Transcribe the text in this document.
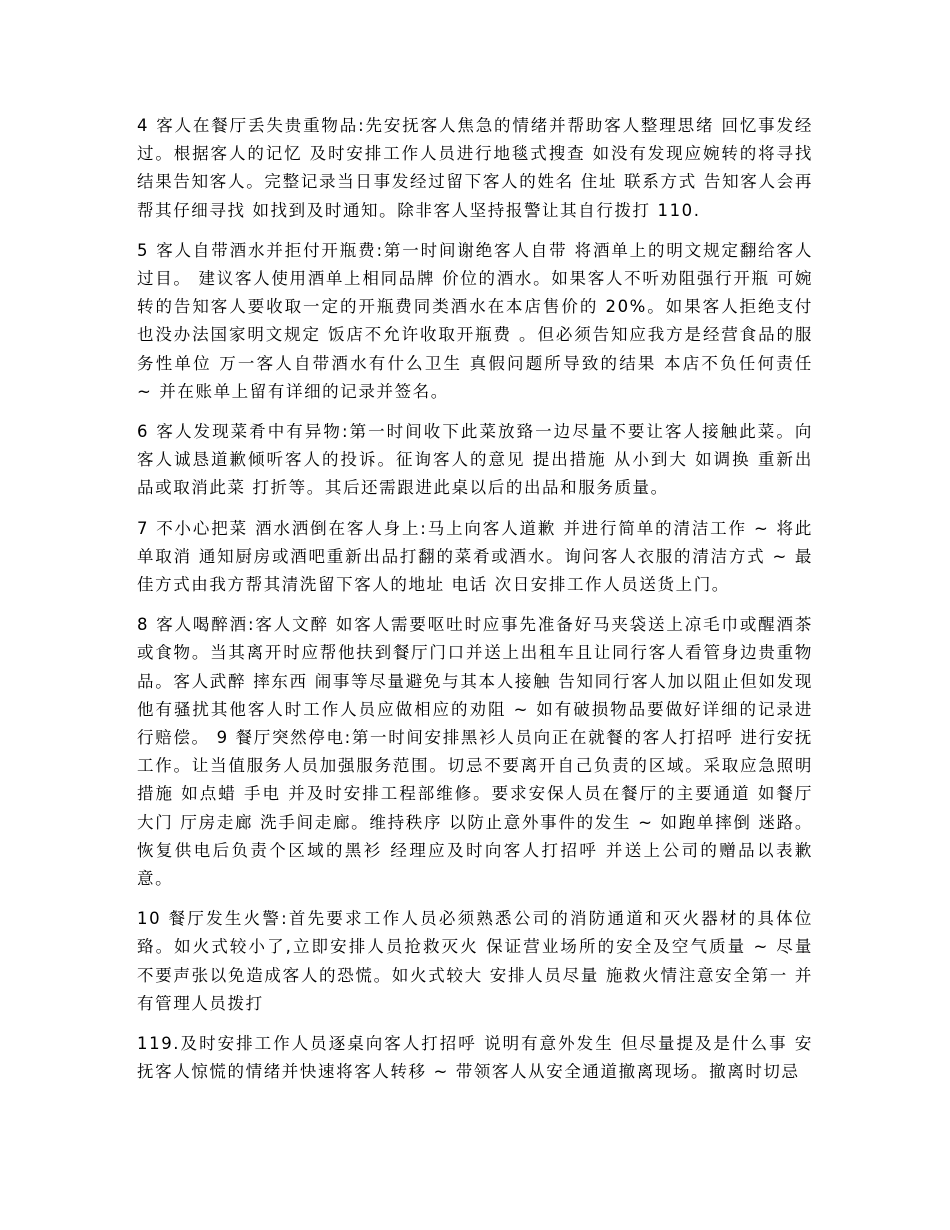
4 客人在餐厅丢失贵重物品:先安抚客人焦急的情绪并帮助客人整理思绪 回忆事发经过。根据客人的记忆 及时安排工作人员进行地毯式搜查 如没有发现应婉转的将寻找结果告知客人。完整记录当日事发经过留下客人的姓名 住址 联系方式 告知客人会再帮其仔细寻找 如找到及时通知。除非客人坚持报警让其自行拨打 110.

5 客人自带酒水并拒付开瓶费:第一时间谢绝客人自带 将酒单上的明文规定翻给客人过目。 建议客人使用酒单上相同品牌 价位的酒水。如果客人不听劝阻强行开瓶 可婉转的告知客人要收取一定的开瓶费同类酒水在本店售价的 20%。如果客人拒绝支付也没办法国家明文规定 饭店不允许收取开瓶费 。但必须告知应我方是经营食品的服务性单位 万一客人自带酒水有什么卫生 真假问题所导致的结果 本店不负任何责任 ~ 并在账单上留有详细的记录并签名。

6 客人发现菜肴中有异物:第一时间收下此菜放臵一边尽量不要让客人接触此菜。向客人诚恳道歉倾听客人的投诉。征询客人的意见 提出措施 从小到大 如调换 重新出品或取消此菜 打折等。其后还需跟进此桌以后的出品和服务质量。

7 不小心把菜 酒水洒倒在客人身上:马上向客人道歉 并进行简单的清洁工作 ~ 将此单取消 通知厨房或酒吧重新出品打翻的菜肴或酒水。询问客人衣服的清洁方式 ~ 最佳方式由我方帮其清洗留下客人的地址 电话 次日安排工作人员送货上门。

8 客人喝醉酒:客人文醉 如客人需要呕吐时应事先准备好马夹袋送上凉毛巾或醒酒茶或食物。当其离开时应帮他扶到餐厅门口并送上出租车且让同行客人看管身边贵重物品。客人武醉 摔东西 闹事等尽量避免与其本人接触 告知同行客人加以阻止但如发现他有骚扰其他客人时工作人员应做相应的劝阻 ~ 如有破损物品要做好详细的记录进行赔偿。 9 餐厅突然停电:第一时间安排黑衫人员向正在就餐的客人打招呼 进行安抚工作。让当值服务人员加强服务范围。切忌不要离开自己负责的区域。采取应急照明措施 如点蜡 手电 并及时安排工程部维修。要求安保人员在餐厅的主要通道 如餐厅大门 厅房走廊 洗手间走廊。维持秩序 以防止意外事件的发生 ~ 如跑单摔倒 迷路。恢复供电后负责个区域的黑衫 经理应及时向客人打招呼 并送上公司的赠品以表歉意。

10 餐厅发生火警:首先要求工作人员必须熟悉公司的消防通道和灭火器材的具体位臵。如火式较小了,立即安排人员抢救灭火 保证营业场所的安全及空气质量 ~ 尽量不要声张以免造成客人的恐慌。如火式较大 安排人员尽量 施救火情注意安全第一 并有管理人员拨打

119.及时安排工作人员逐桌向客人打招呼 说明有意外发生 但尽量提及是什么事 安抚客人惊慌的情绪并快速将客人转移 ~ 带领客人从安全通道撤离现场。撤离时切忌
